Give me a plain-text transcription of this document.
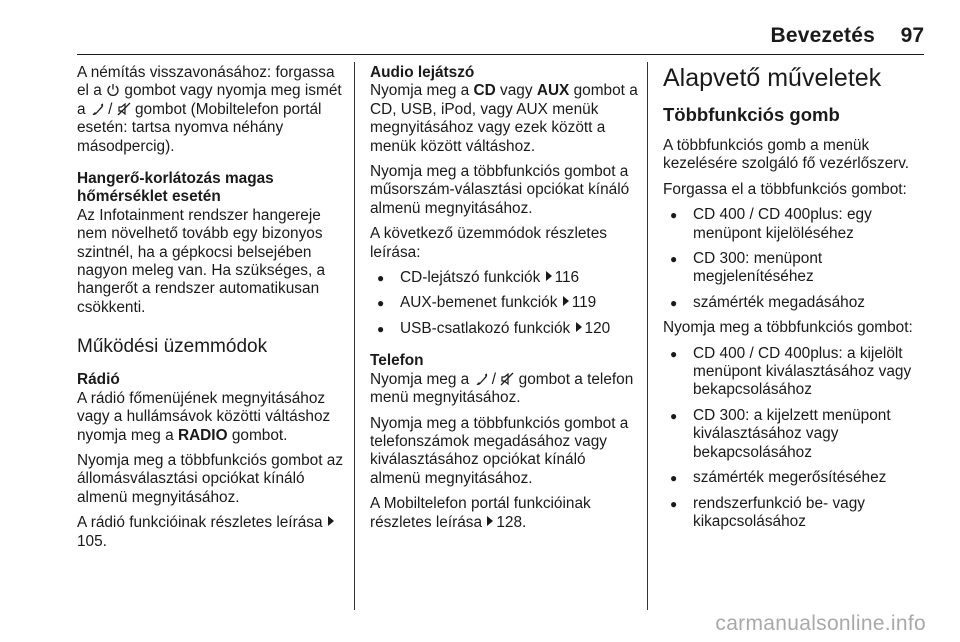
Bevezetés 97

A némítás visszavonásához: forgassa el a gombot vagy nyomja meg ismét a / gombot (Mobiltelefon portál esetén: tartsa nyomva néhány másodpercig).

Hangerő-korlátozás magas hőmérséklet esetén

Az Infotainment rendszer hangereje nem növelhető tovább egy bizonyos szintnél, ha a gépkocsi belsejében nagyon meleg van. Ha szükséges, a hangerőt a rendszer automatikusan csökkenti.

Működési üzemmódok

Rádió

A rádió főmenüjének megnyitásához vagy a hullámsávok közötti váltáshoz nyomja meg a RADIO gombot.

Nyomja meg a többfunkciós gombot az állomásválasztási opciókat kínáló almenü megnyitásához.

A rádió funkcióinak részletes leírása 105.

Audio lejátszó

Nyomja meg a CD vagy AUX gombot a CD, USB, iPod, vagy AUX menük megnyitásához vagy ezek között a menük között váltáshoz.

Nyomja meg a többfunkciós gombot a műsorszám-választási opciókat kínáló almenü megnyitásához.

A következő üzemmódok részletes leírása:

● CD-lejátszó funkciók 116
● AUX-bemenet funkciók 119
● USB-csatlakozó funkciók 120

Telefon

Nyomja meg a / gombot a telefon menü megnyitásához.

Nyomja meg a többfunkciós gombot a telefonszámok megadásához vagy kiválasztásához opciókat kínáló almenü megnyitásához.

A Mobiltelefon portál funkcióinak részletes leírása 128.

Alapvető műveletek
Többfunkciós gomb

A többfunkciós gomb a menük kezelésére szolgáló fő vezérlőszerv.

Forgassa el a többfunkciós gombot:

● CD 400 / CD 400plus: egy menüpont kijelöléséhez
● CD 300: menüpont megjelenítéséhez
● számérték megadásához

Nyomja meg a többfunkciós gombot:

● CD 400 / CD 400plus: a kijelölt menüpont kiválasztásához vagy bekapcsolásához
● CD 300: a kijelzett menüpont kiválasztásához vagy bekapcsolásához
● számérték megerősítéséhez
● rendszerfunkció be- vagy kikapcsolásához
carmanualsonline.info
